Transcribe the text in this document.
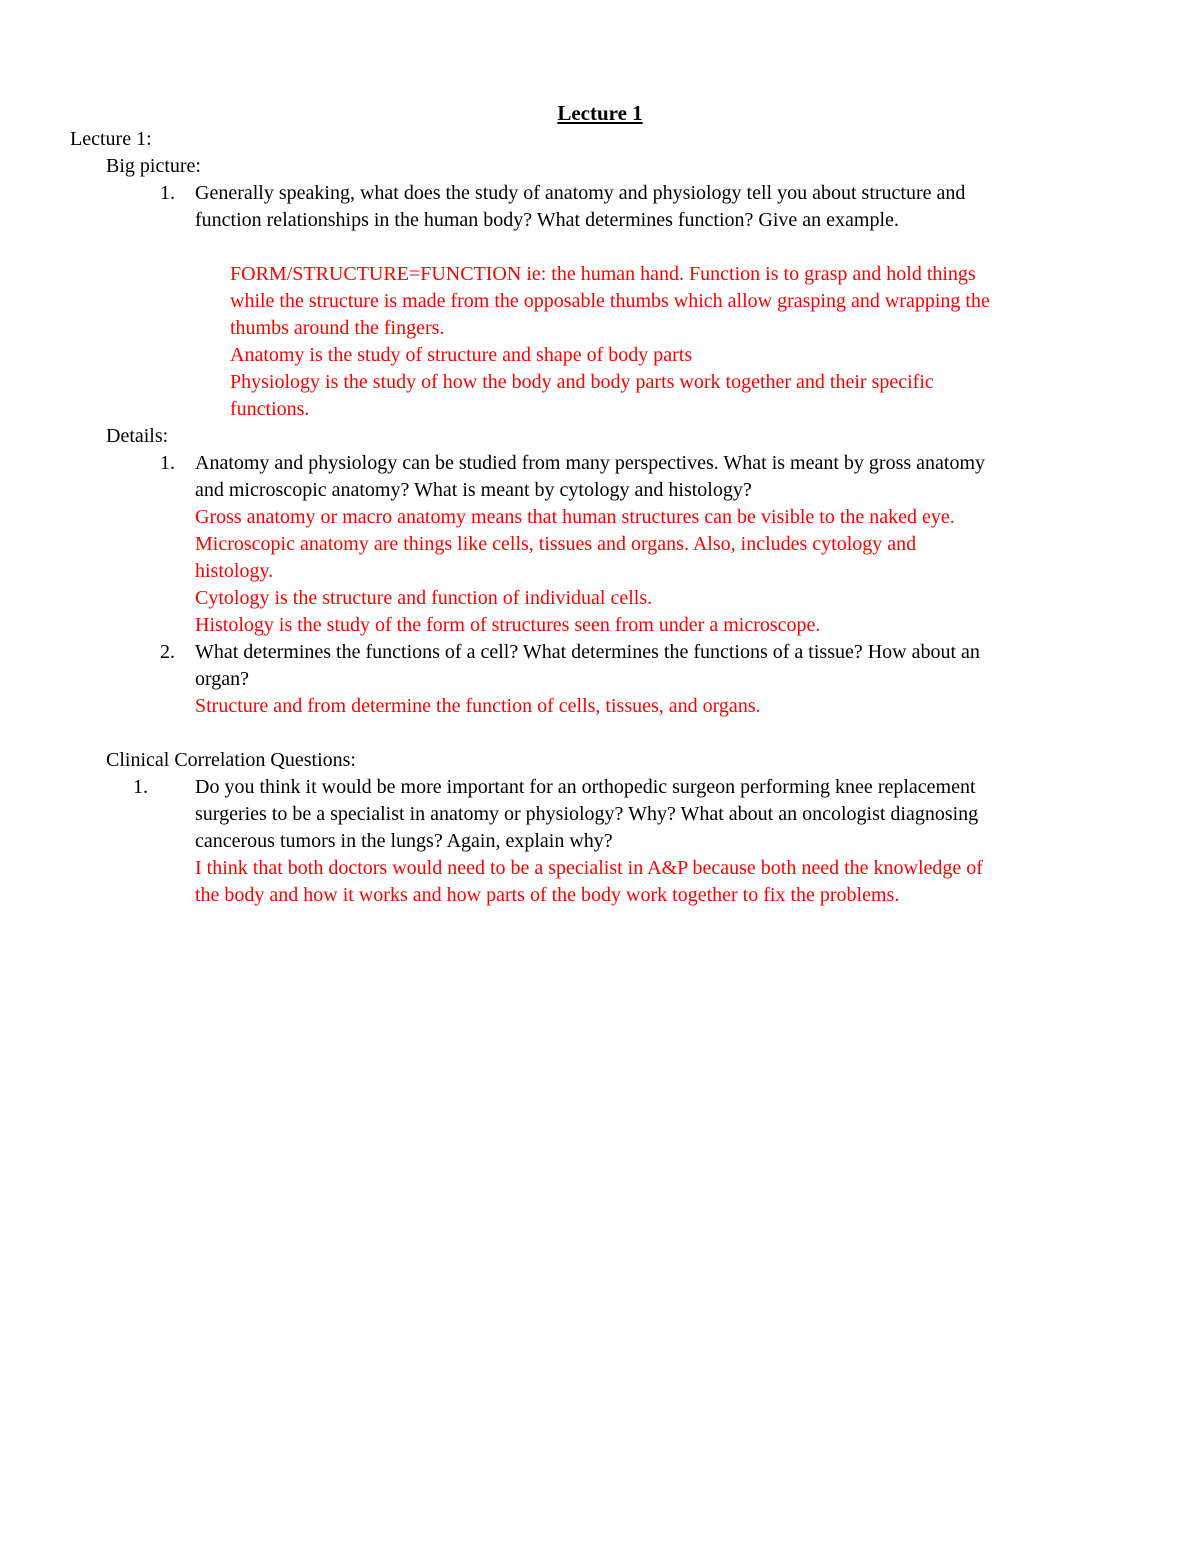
Lecture 1
Lecture 1:
Big picture:
1. Generally speaking, what does the study of anatomy and physiology tell you about structure and
function relationships in the human body? What determines function? Give an example.
FORM/STRUCTURE=FUNCTION ie: the human hand. Function is to grasp and hold things
while the structure is made from the opposable thumbs which allow grasping and wrapping the
thumbs around the fingers.
Anatomy is the study of structure and shape of body parts
Physiology is the study of how the body and body parts work together and their specific
functions.
Details:
1. Anatomy and physiology can be studied from many perspectives. What is meant by gross anatomy
and microscopic anatomy? What is meant by cytology and histology?
Gross anatomy or macro anatomy means that human structures can be visible to the naked eye.
Microscopic anatomy are things like cells, tissues and organs. Also, includes cytology and
histology.
Cytology is the structure and function of individual cells.
Histology is the study of the form of structures seen from under a microscope.
2. What determines the functions of a cell? What determines the functions of a tissue? How about an
organ?
Structure and from determine the function of cells, tissues, and organs.
Clinical Correlation Questions:
1. Do you think it would be more important for an orthopedic surgeon performing knee replacement
surgeries to be a specialist in anatomy or physiology? Why? What about an oncologist diagnosing
cancerous tumors in the lungs? Again, explain why?
I think that both doctors would need to be a specialist in A&P because both need the knowledge of
the body and how it works and how parts of the body work together to fix the problems.
